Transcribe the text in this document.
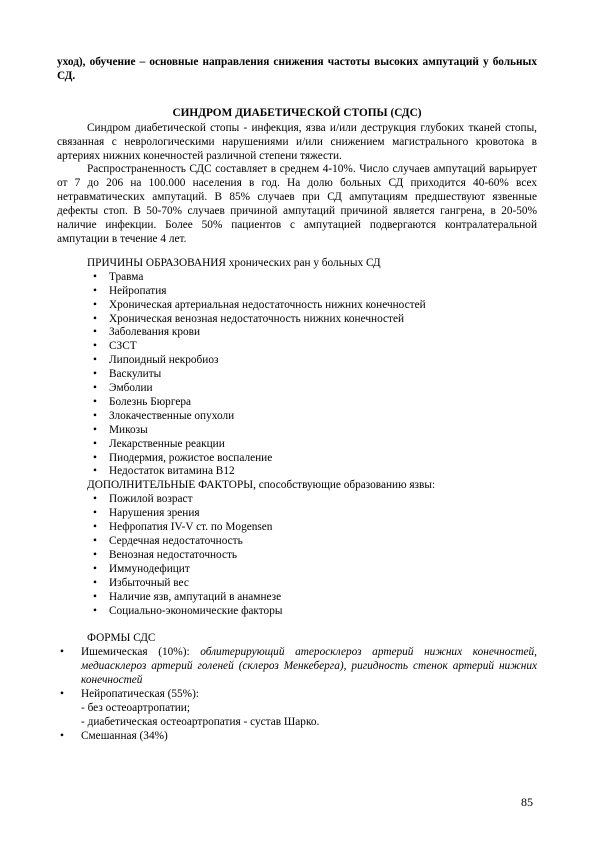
уход), обучение – основные направления снижения частоты высоких ампутаций у больных СД.

СИНДРОМ ДИАБЕТИЧЕСКОЙ СТОПЫ (СДС)

Синдром диабетической стопы - инфекция, язва и/или деструкция глубоких тканей стопы, связанная с неврологическими нарушениями и/или снижением магистрального кровотока в артериях нижних конечностей различной степени тяжести.

Распространенность СДС составляет в среднем 4-10%. Число случаев ампутаций варьирует от 7 до 206 на 100.000 населения в год. На долю больных СД приходится 40-60% всех нетравматических ампутаций. В 85% случаев при СД ампутациям предшествуют язвенные дефекты стоп. В 50-70% случаев причиной ампутаций причиной является гангрена, в 20-50% наличие инфекции. Более 50% пациентов с ампутацией подвергаются контралатеральной ампутации в течение 4 лет.

ПРИЧИНЫ ОБРАЗОВАНИЯ хронических ран у больных СД
• Травма
• Нейропатия
• Хроническая артериальная недостаточность нижних конечностей
• Хроническая венозная недостаточность нижних конечностей
• Заболевания крови
• СЗСТ
• Липоидный некробиоз
• Васкулиты
• Эмболии
• Болезнь Бюргера
• Злокачественные опухоли
• Микозы
• Лекарственные реакции
• Пиодермия, рожистое воспаление
• Недостаток витамина В12
ДОПОЛНИТЕЛЬНЫЕ ФАКТОРЫ, способствующие образованию язвы:
• Пожилой возраст
• Нарушения зрения
• Нефропатия IV-V ст. по Mogensen
• Сердечная недостаточность
• Венозная недостаточность
• Иммунодефицит
• Избыточный вес
• Наличие язв, ампутаций в анамнезе
• Социально-экономические факторы
ФОРМЫ СДС
• Ишемическая (10%): облитерирующий атеросклероз артерий нижних конечностей, медиасклероз артерий голеней (склероз Менкеберга), ригидность стенок артерий нижних конечностей

• Нейропатическая (55%):
- без остеоартропатии;
- диабетическая остеоартропатия - сустав Шарко.
• Смешанная (34%)
85
